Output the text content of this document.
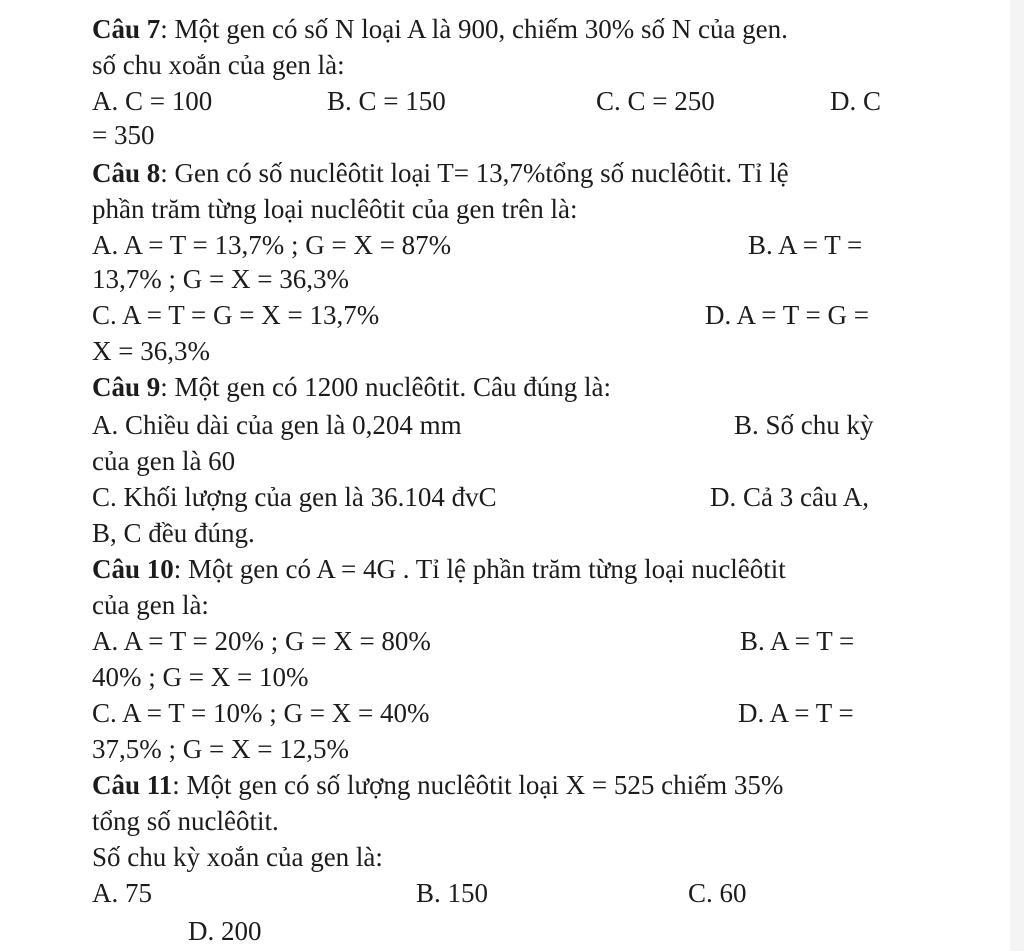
Câu 7: Một gen có số N loại A là 900, chiếm 30% số N của gen.
số chu xoắn của gen là:
A. C = 100	B. C = 150	C. C = 250	D. C
= 350
Câu 8: Gen có số nuclêôtit loại T= 13,7%tổng số nuclêôtit. Tỉ lệ
phần trăm từng loại nuclêôtit của gen trên là:
A. A = T = 13,7% ; G = X = 87%	B. A = T =
13,7% ; G = X = 36,3%
C. A = T = G = X = 13,7%	D. A = T = G =
X = 36,3%
Câu 9: Một gen có 1200 nuclêôtit. Câu đúng là:
A. Chiều dài của gen là 0,204 mm	B. Số chu kỳ
của gen là 60
C. Khối lượng của gen là 36.104 đvC	D. Cả 3 câu A,
B, C đều đúng.
Câu 10: Một gen có A = 4G . Tỉ lệ phần trăm từng loại nuclêôtit
của gen là:
A. A = T = 20% ; G = X = 80%	B. A = T =
40% ; G = X = 10%
C. A = T = 10% ; G = X = 40%	D. A = T =
37,5% ; G = X = 12,5%
Câu 11: Một gen có số lượng nuclêôtit loại X = 525 chiếm 35%
tổng số nuclêôtit.
Số chu kỳ xoắn của gen là:
A. 75	B. 150	C. 60
D. 200
